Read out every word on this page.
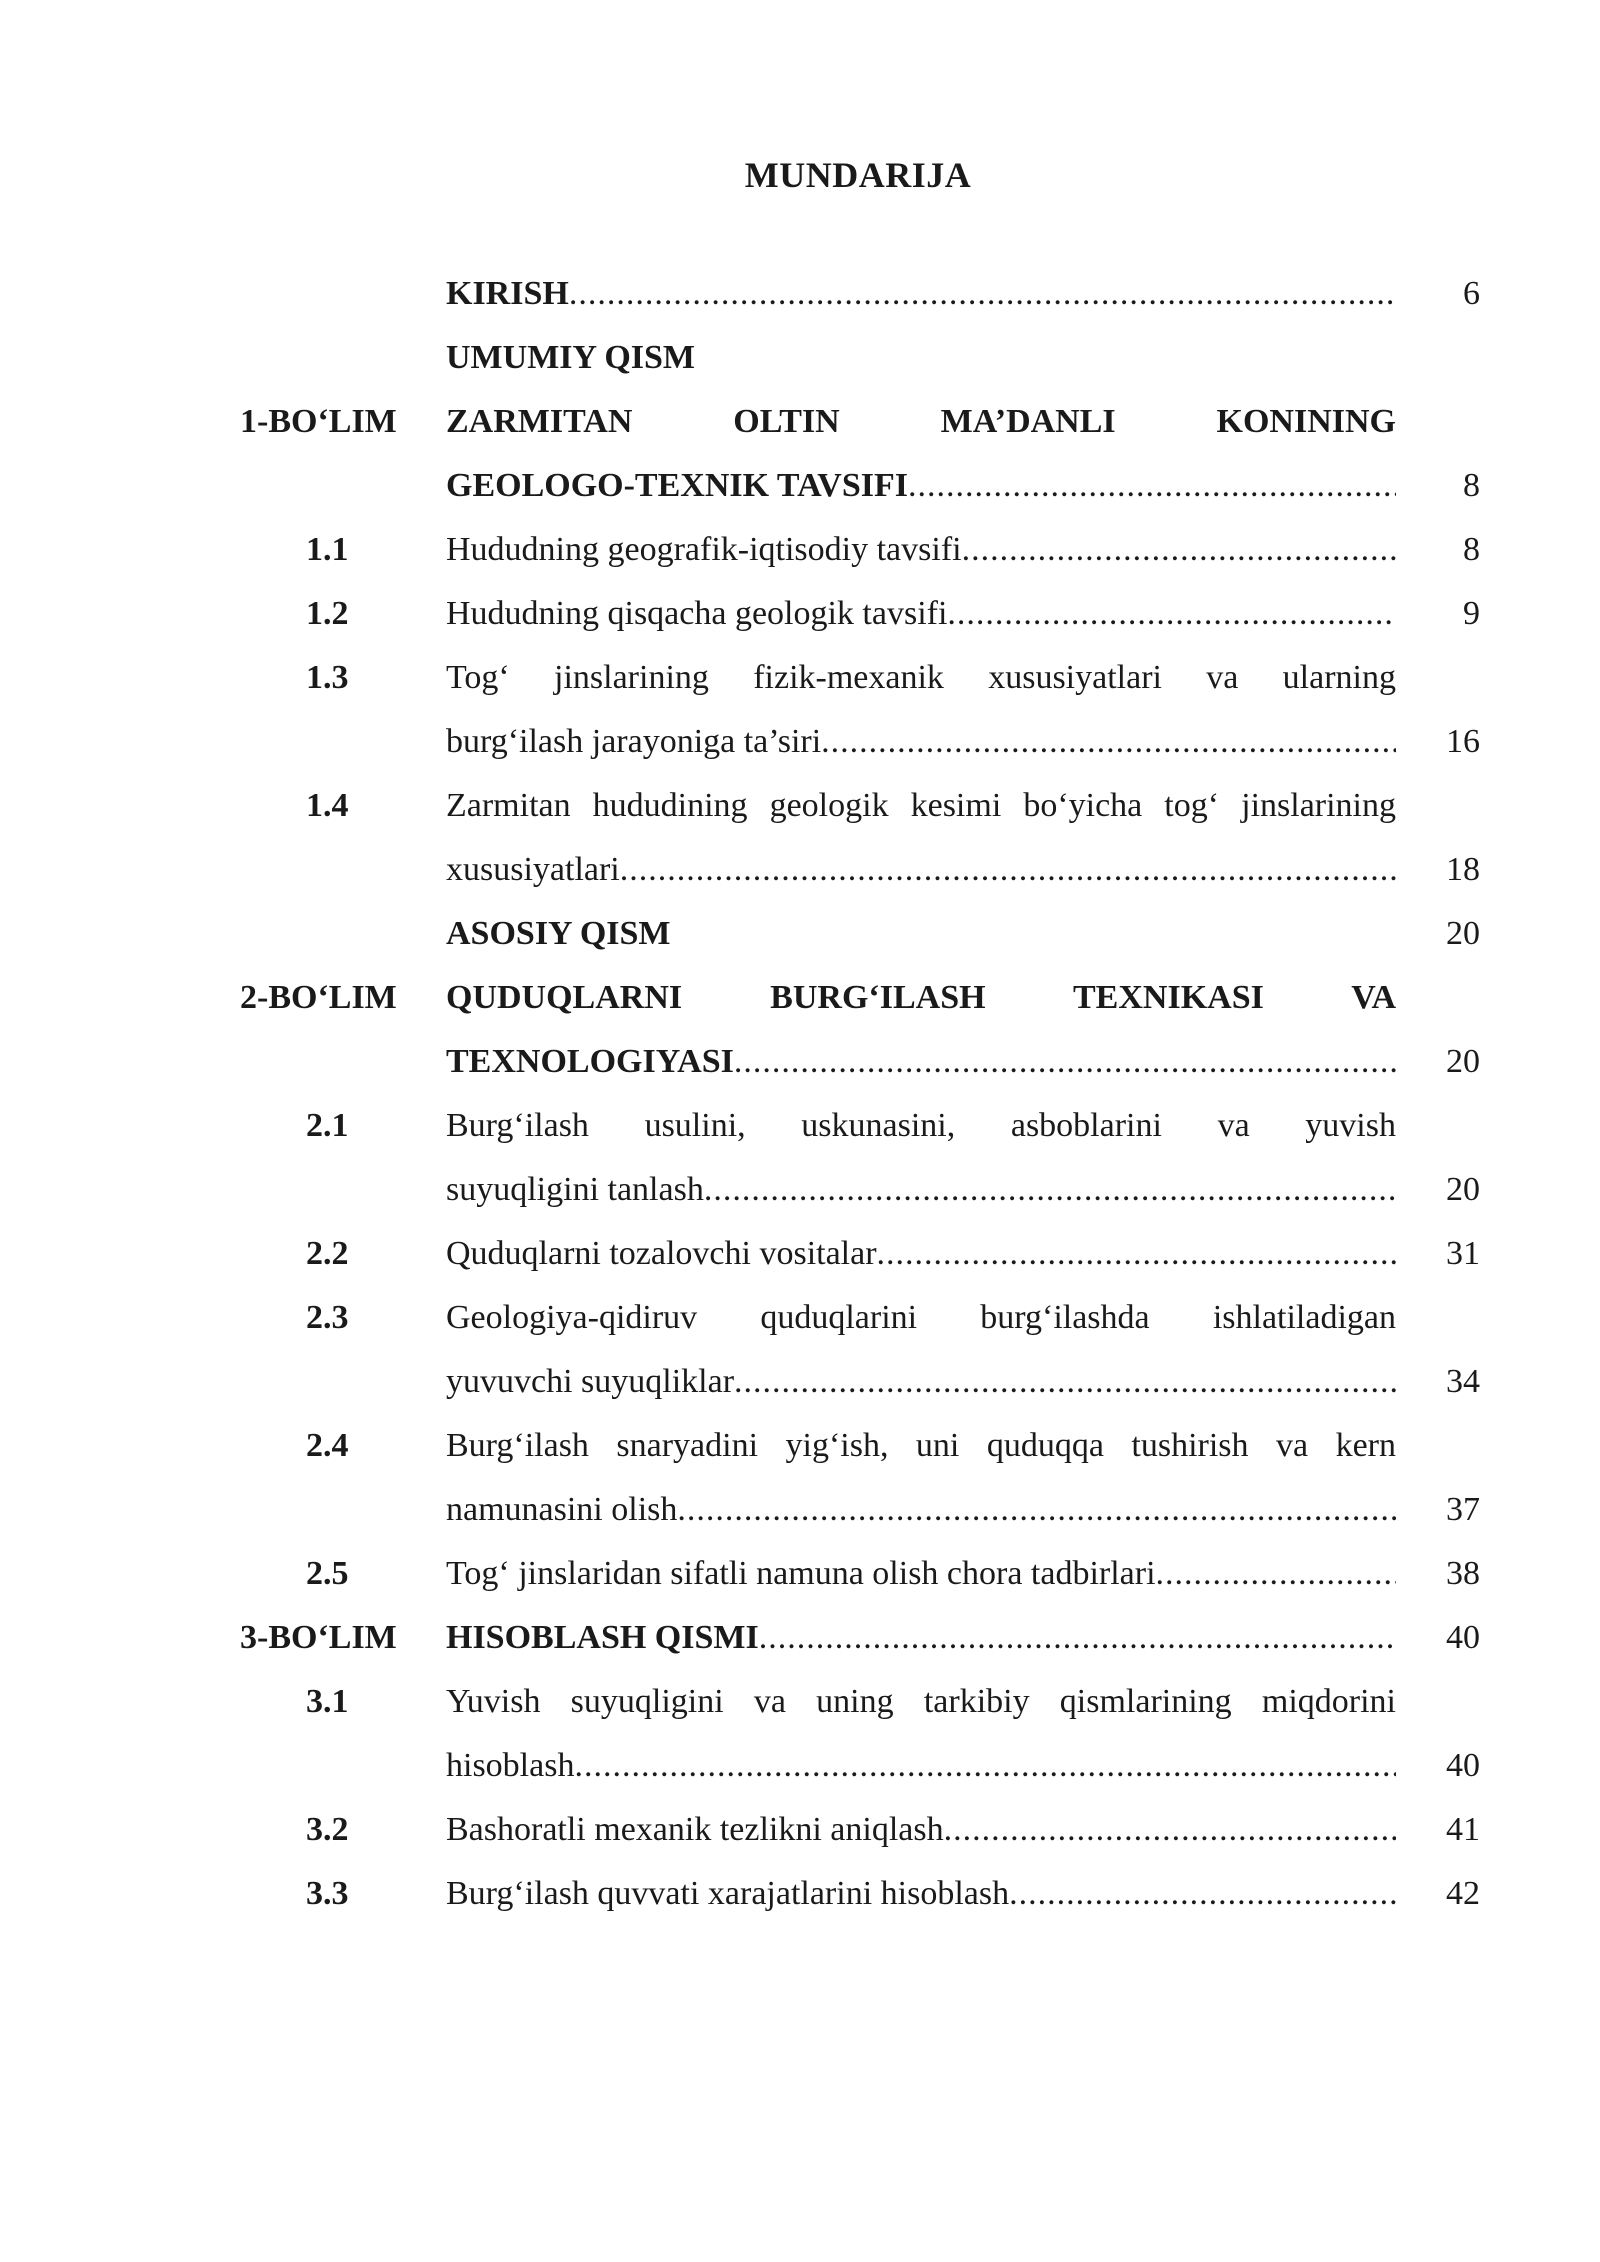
MUNDARIJA
KIRISH .....	6
UMUMIY QISM
1-BO‘LIM	ZARMITAN OLTIN MA’DANLI KONINING
GEOLOGO-TEXNIK TAVSIFI .....	8
1.1	Hududning geografik-iqtisodiy tavsifi .....	8
1.2	Hududning qisqacha geologik tavsifi .....	9
1.3	Tog‘ jinslarining fizik-mexanik xususiyatlari va ularning
burg‘ilash jarayoniga ta’siri .....	16
1.4	Zarmitan hududining geologik kesimi bo‘yicha tog‘ jinslarining
xususiyatlari .....	18
ASOSIY QISM	20
2-BO‘LIM	QUDUQLARNI BURG‘ILASH TEXNIKASI VA
TEXNOLOGIYASI .....	20
2.1	Burg‘ilash usulini, uskunasini, asboblarini va yuvish
suyuqligini tanlash .....	20
2.2	Quduqlarni tozalovchi vositalar .....	31
2.3	Geologiya-qidiruv quduqlarini burg‘ilashda ishlatiladigan
yuvuvchi suyuqliklar .....	34
2.4	Burg‘ilash snaryadini yig‘ish, uni quduqqa tushirish va kern
namunasini olish .....	37
2.5	Tog‘ jinslaridan sifatli namuna olish chora tadbirlari .....	38
3-BO‘LIM	HISOBLASH QISMI .....	40
3.1	Yuvish suyuqligini va uning tarkibiy qismlarining miqdorini
hisoblash .....	40
3.2	Bashoratli mexanik tezlikni aniqlash .....	41
3.3	Burg‘ilash quvvati xarajatlarini hisoblash .....	42
